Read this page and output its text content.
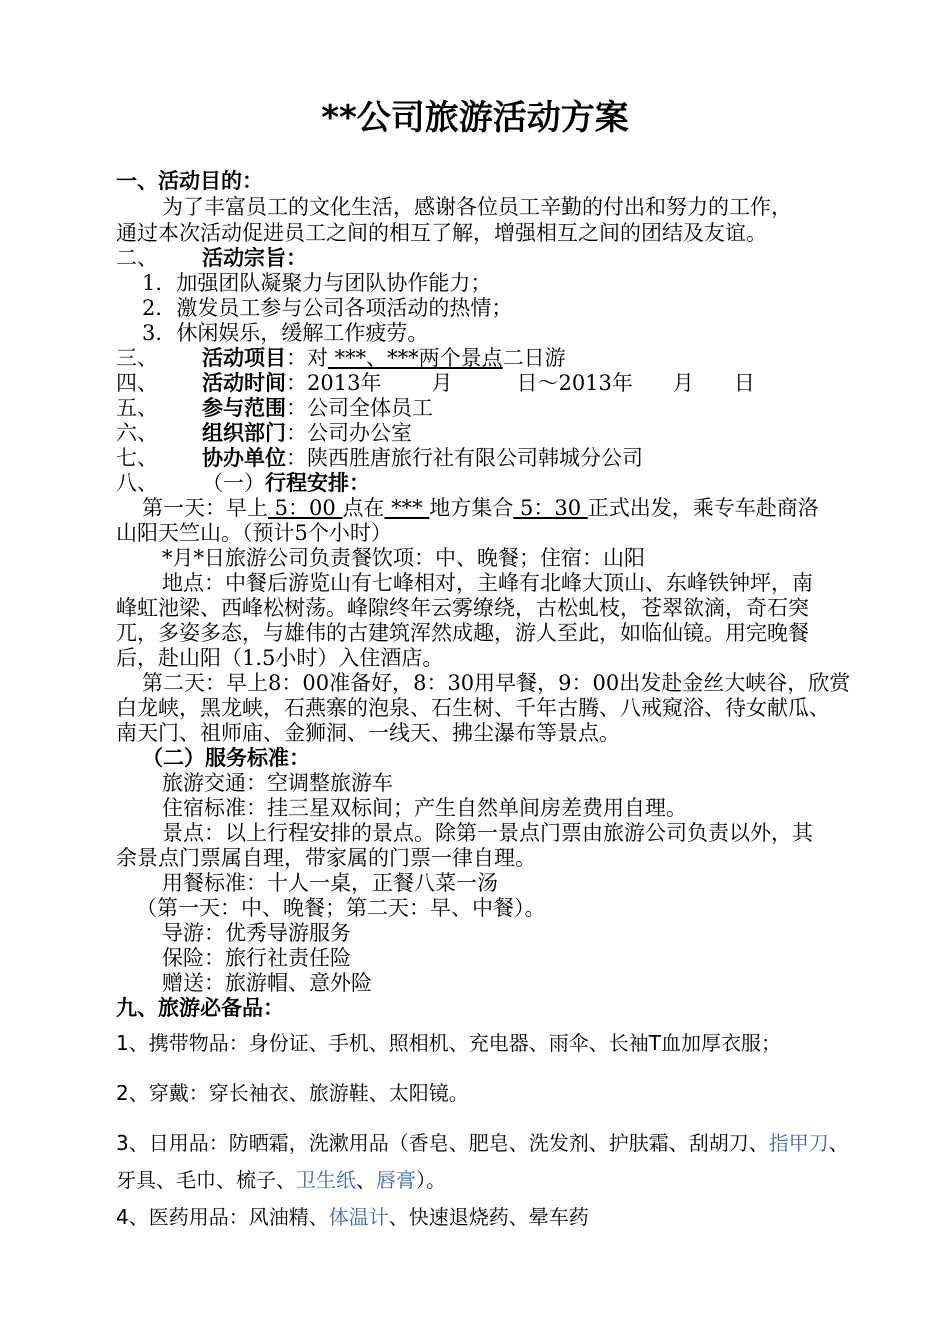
**公司旅游活动方案
一、活动目的：
为了丰富员工的文化生活，感谢各位员工辛勤的付出和努力的工作，
通过本次活动促进员工之间的相互了解，增强相互之间的团结及友谊。
二、 活动宗旨：
1．加强团队凝聚力与团队协作能力；
2．激发员工参与公司各项活动的热情；
3．休闲娱乐，缓解工作疲劳。
三、 活动项目：对 ***、***两个景点二日游
四、 活动时间：2013年 月	日～2013年 月 日
五、 参与范围：公司全体员工
六、 组织部门：公司办公室
七、 协办单位：陕西胜唐旅行社有限公司韩城分公司
八、 （一）行程安排：
第一天：早上 5：00 点在 *** 地方集合 5：30 正式出发，乘专车赴商洛
山阳天竺山。（预计5个小时）
*月*日旅游公司负责餐饮项：中、晚餐；住宿：山阳
地点：中餐后游览山有七峰相对，主峰有北峰大顶山、东峰铁钟坪，南
峰虹池梁、西峰松树荡。峰隙终年云雾缭绕，古松虬枝，苍翠欲滴，奇石突
兀，多姿多态，与雄伟的古建筑浑然成趣，游人至此，如临仙镜。用完晚餐
后，赴山阳（1.5小时）入住酒店。
第二天：早上8：00准备好，8：30用早餐，9：00出发赴金丝大峡谷，欣赏
白龙峡，黑龙峡，石燕寨的泡泉、石生树、千年古腾、八戒窥浴、待女献瓜、
南天门、祖师庙、金狮洞、一线天、拂尘瀑布等景点。
（二）服务标准：
旅游交通：空调整旅游车
住宿标准：挂三星双标间；产生自然单间房差费用自理。
景点：以上行程安排的景点。除第一景点门票由旅游公司负责以外，其
余景点门票属自理，带家属的门票一律自理。
用餐标准：十人一桌，正餐八菜一汤
（第一天：中、晚餐；第二天：早、中餐）。
导游：优秀导游服务
保险：旅行社责任险
赠送：旅游帽、意外险
九、旅游必备品：
1、携带物品：身份证、手机、照相机、充电器、雨伞、长袖T血加厚衣服；
2、穿戴：穿长袖衣、旅游鞋、太阳镜。
3、日用品：防晒霜，洗漱用品（香皂、肥皂、洗发剂、护肤霜、刮胡刀、指甲刀、
牙具、毛巾、梳子、卫生纸、唇膏）。
4、医药用品：风油精、体温计、快速退烧药、晕车药
